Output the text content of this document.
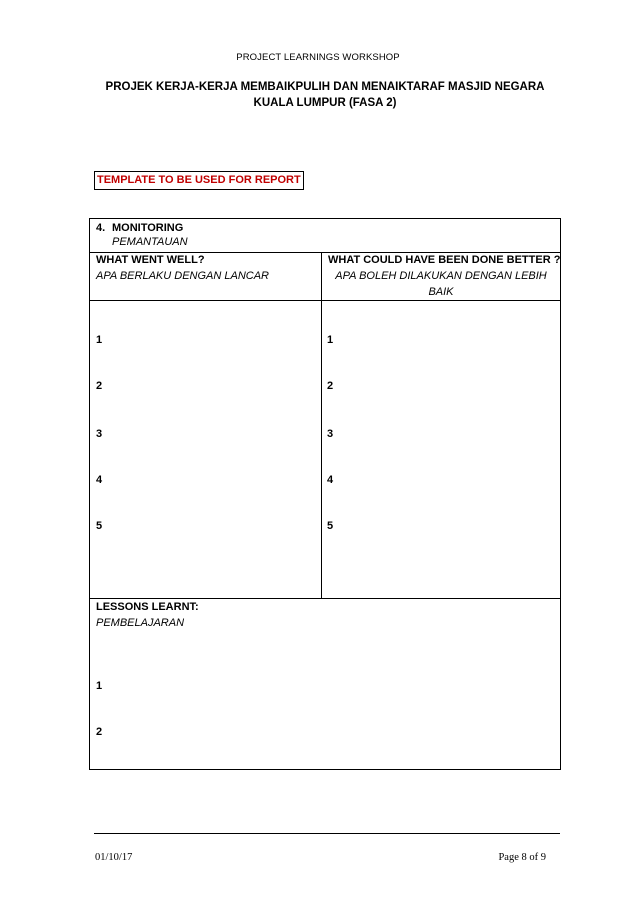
PROJECT LEARNINGS WORKSHOP
PROJEK KERJA-KERJA MEMBAIKPULIH DAN MENAIKTARAF MASJID NEGARA KUALA LUMPUR (FASA 2)
TEMPLATE TO BE USED FOR REPORT
4. MONITORING
PEMANTAUAN
WHAT WENT WELL?
APA BERLAKU DENGAN LANCAR
WHAT COULD HAVE BEEN DONE BETTER ?
APA BOLEH DILAKUKAN DENGAN LEBIH
BAIK
1
2
3
4
5
1
2
3
4
5
LESSONS LEARNT:
PEMBELAJARAN
1
2
01/10/17	Page 8 of 9
